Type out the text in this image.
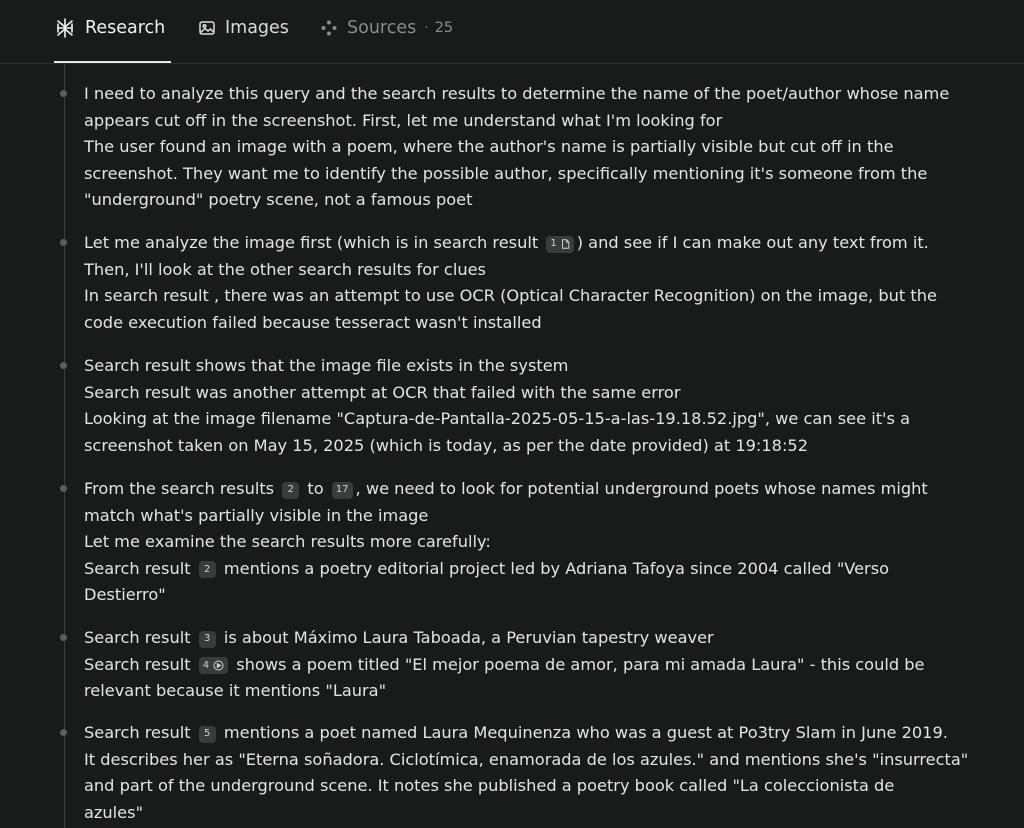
Research	Images	Sources · 25

I need to analyze this query and the search results to determine the name of the poet/author whose name

appears cut off in the screenshot. First, let me understand what I'm looking for

The user found an image with a poem, where the author's name is partially visible but cut off in the

screenshot. They want me to identify the possible author, specifically mentioning it's someone from the

"underground" poetry scene, not a famous poet

Let me analyze the image first (which is in search result 1 ) and see if I can make out any text from it.

Then, I'll look at the other search results for clues

In search result , there was an attempt to use OCR (Optical Character Recognition) on the image, but the

code execution failed because tesseract wasn't installed

Search result shows that the image file exists in the system

Search result was another attempt at OCR that failed with the same error

Looking at the image filename "Captura-de-Pantalla-2025-05-15-a-las-19.18.52.jpg", we can see it's a

screenshot taken on May 15, 2025 (which is today, as per the date provided) at 19:18:52

From the search results 2 to 17 , we need to look for potential underground poets whose names might

match what's partially visible in the image

Let me examine the search results more carefully:

Search result 2 mentions a poetry editorial project led by Adriana Tafoya since 2004 called "Verso

Destierro"

Search result 3 is about Máximo Laura Taboada, a Peruvian tapestry weaver

Search result 4 shows a poem titled "El mejor poema de amor, para mi amada Laura" - this could be

relevant because it mentions "Laura"

Search result 5 mentions a poet named Laura Mequinenza who was a guest at Po3try Slam in June 2019.

It describes her as "Eterna soñadora. Ciclotímica, enamorada de los azules." and mentions she's "insurrecta"

and part of the underground scene. It notes she published a poetry book called "La coleccionista de

azules"
